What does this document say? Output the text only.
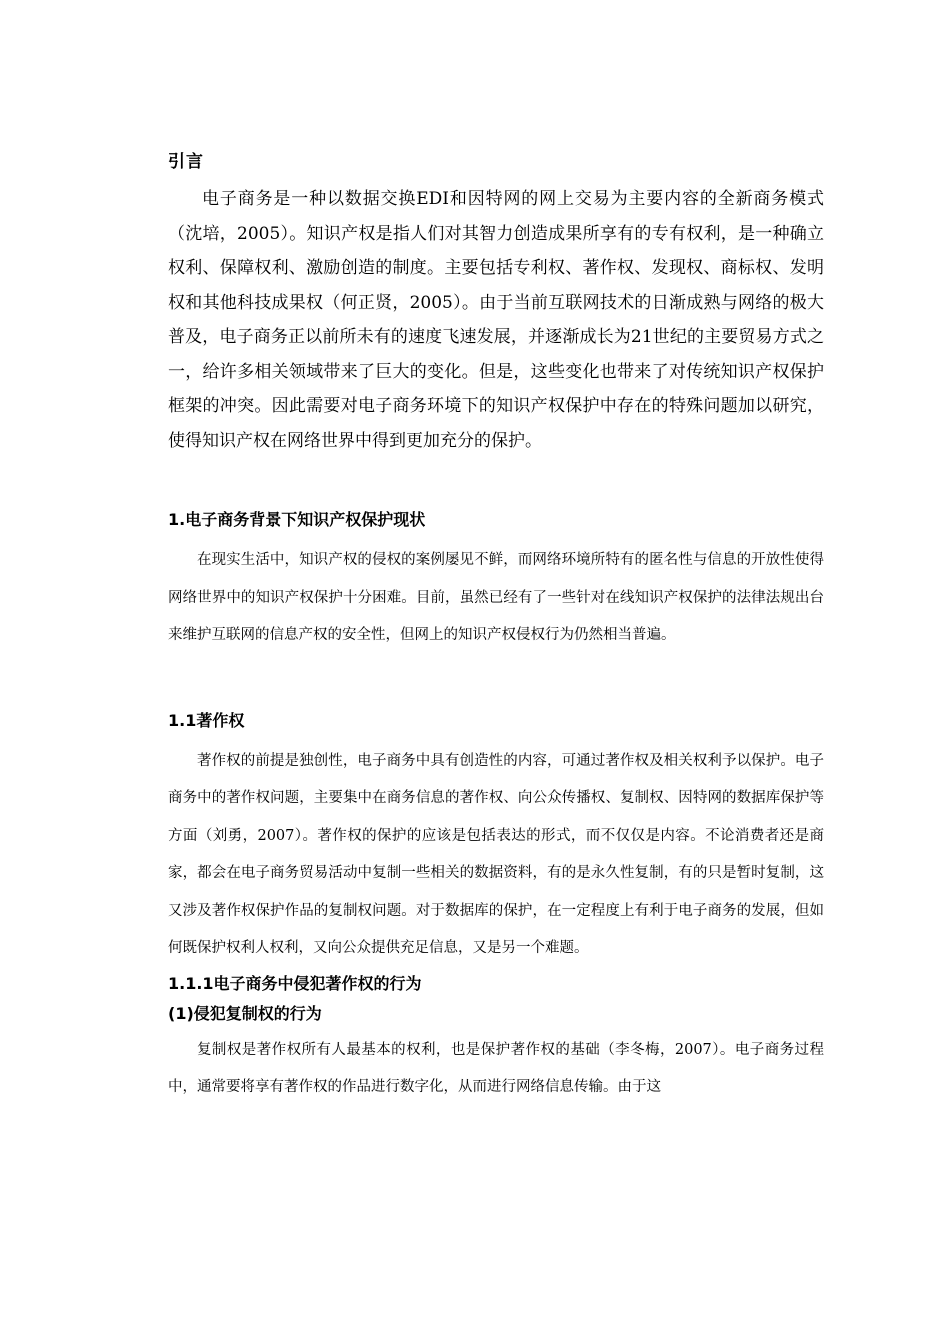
引言

电子商务是一种以数据交换EDI和因特网的网上交易为主要内容的全新商务模式（沈培，2005）。知识产权是指人们对其智力创造成果所享有的专有权利，是一种确立权利、保障权利、激励创造的制度。主要包括专利权、著作权、发现权、商标权、发明权和其他科技成果权（何正贤，2005）。由于当前互联网技术的日渐成熟与网络的极大普及，电子商务正以前所未有的速度飞速发展，并逐渐成长为21世纪的主要贸易方式之一，给许多相关领域带来了巨大的变化。但是，这些变化也带来了对传统知识产权保护框架的冲突。因此需要对电子商务环境下的知识产权保护中存在的特殊问题加以研究，使得知识产权在网络世界中得到更加充分的保护。

1.电子商务背景下知识产权保护现状

在现实生活中，知识产权的侵权的案例屡见不鲜，而网络环境所特有的匿名性与信息的开放性使得网络世界中的知识产权保护十分困难。目前，虽然已经有了一些针对在线知识产权保护的法律法规出台来维护互联网的信息产权的安全性，但网上的知识产权侵权行为仍然相当普遍。

1.1著作权

著作权的前提是独创性，电子商务中具有创造性的内容，可通过著作权及相关权利予以保护。电子商务中的著作权问题，主要集中在商务信息的著作权、向公众传播权、复制权、因特网的数据库保护等方面（刘勇，2007）。著作权的保护的应该是包括表达的形式，而不仅仅是内容。不论消费者还是商家，都会在电子商务贸易活动中复制一些相关的数据资料，有的是永久性复制，有的只是暂时复制，这又涉及著作权保护作品的复制权问题。对于数据库的保护，在一定程度上有利于电子商务的发展，但如何既保护权利人权利，又向公众提供充足信息，又是另一个难题。

1.1.1电子商务中侵犯著作权的行为
(1)侵犯复制权的行为

复制权是著作权所有人最基本的权利，也是保护著作权的基础（李冬梅，2007）。电子商务过程中，通常要将享有著作权的作品进行数字化，从而进行网络信息传输。由于这
